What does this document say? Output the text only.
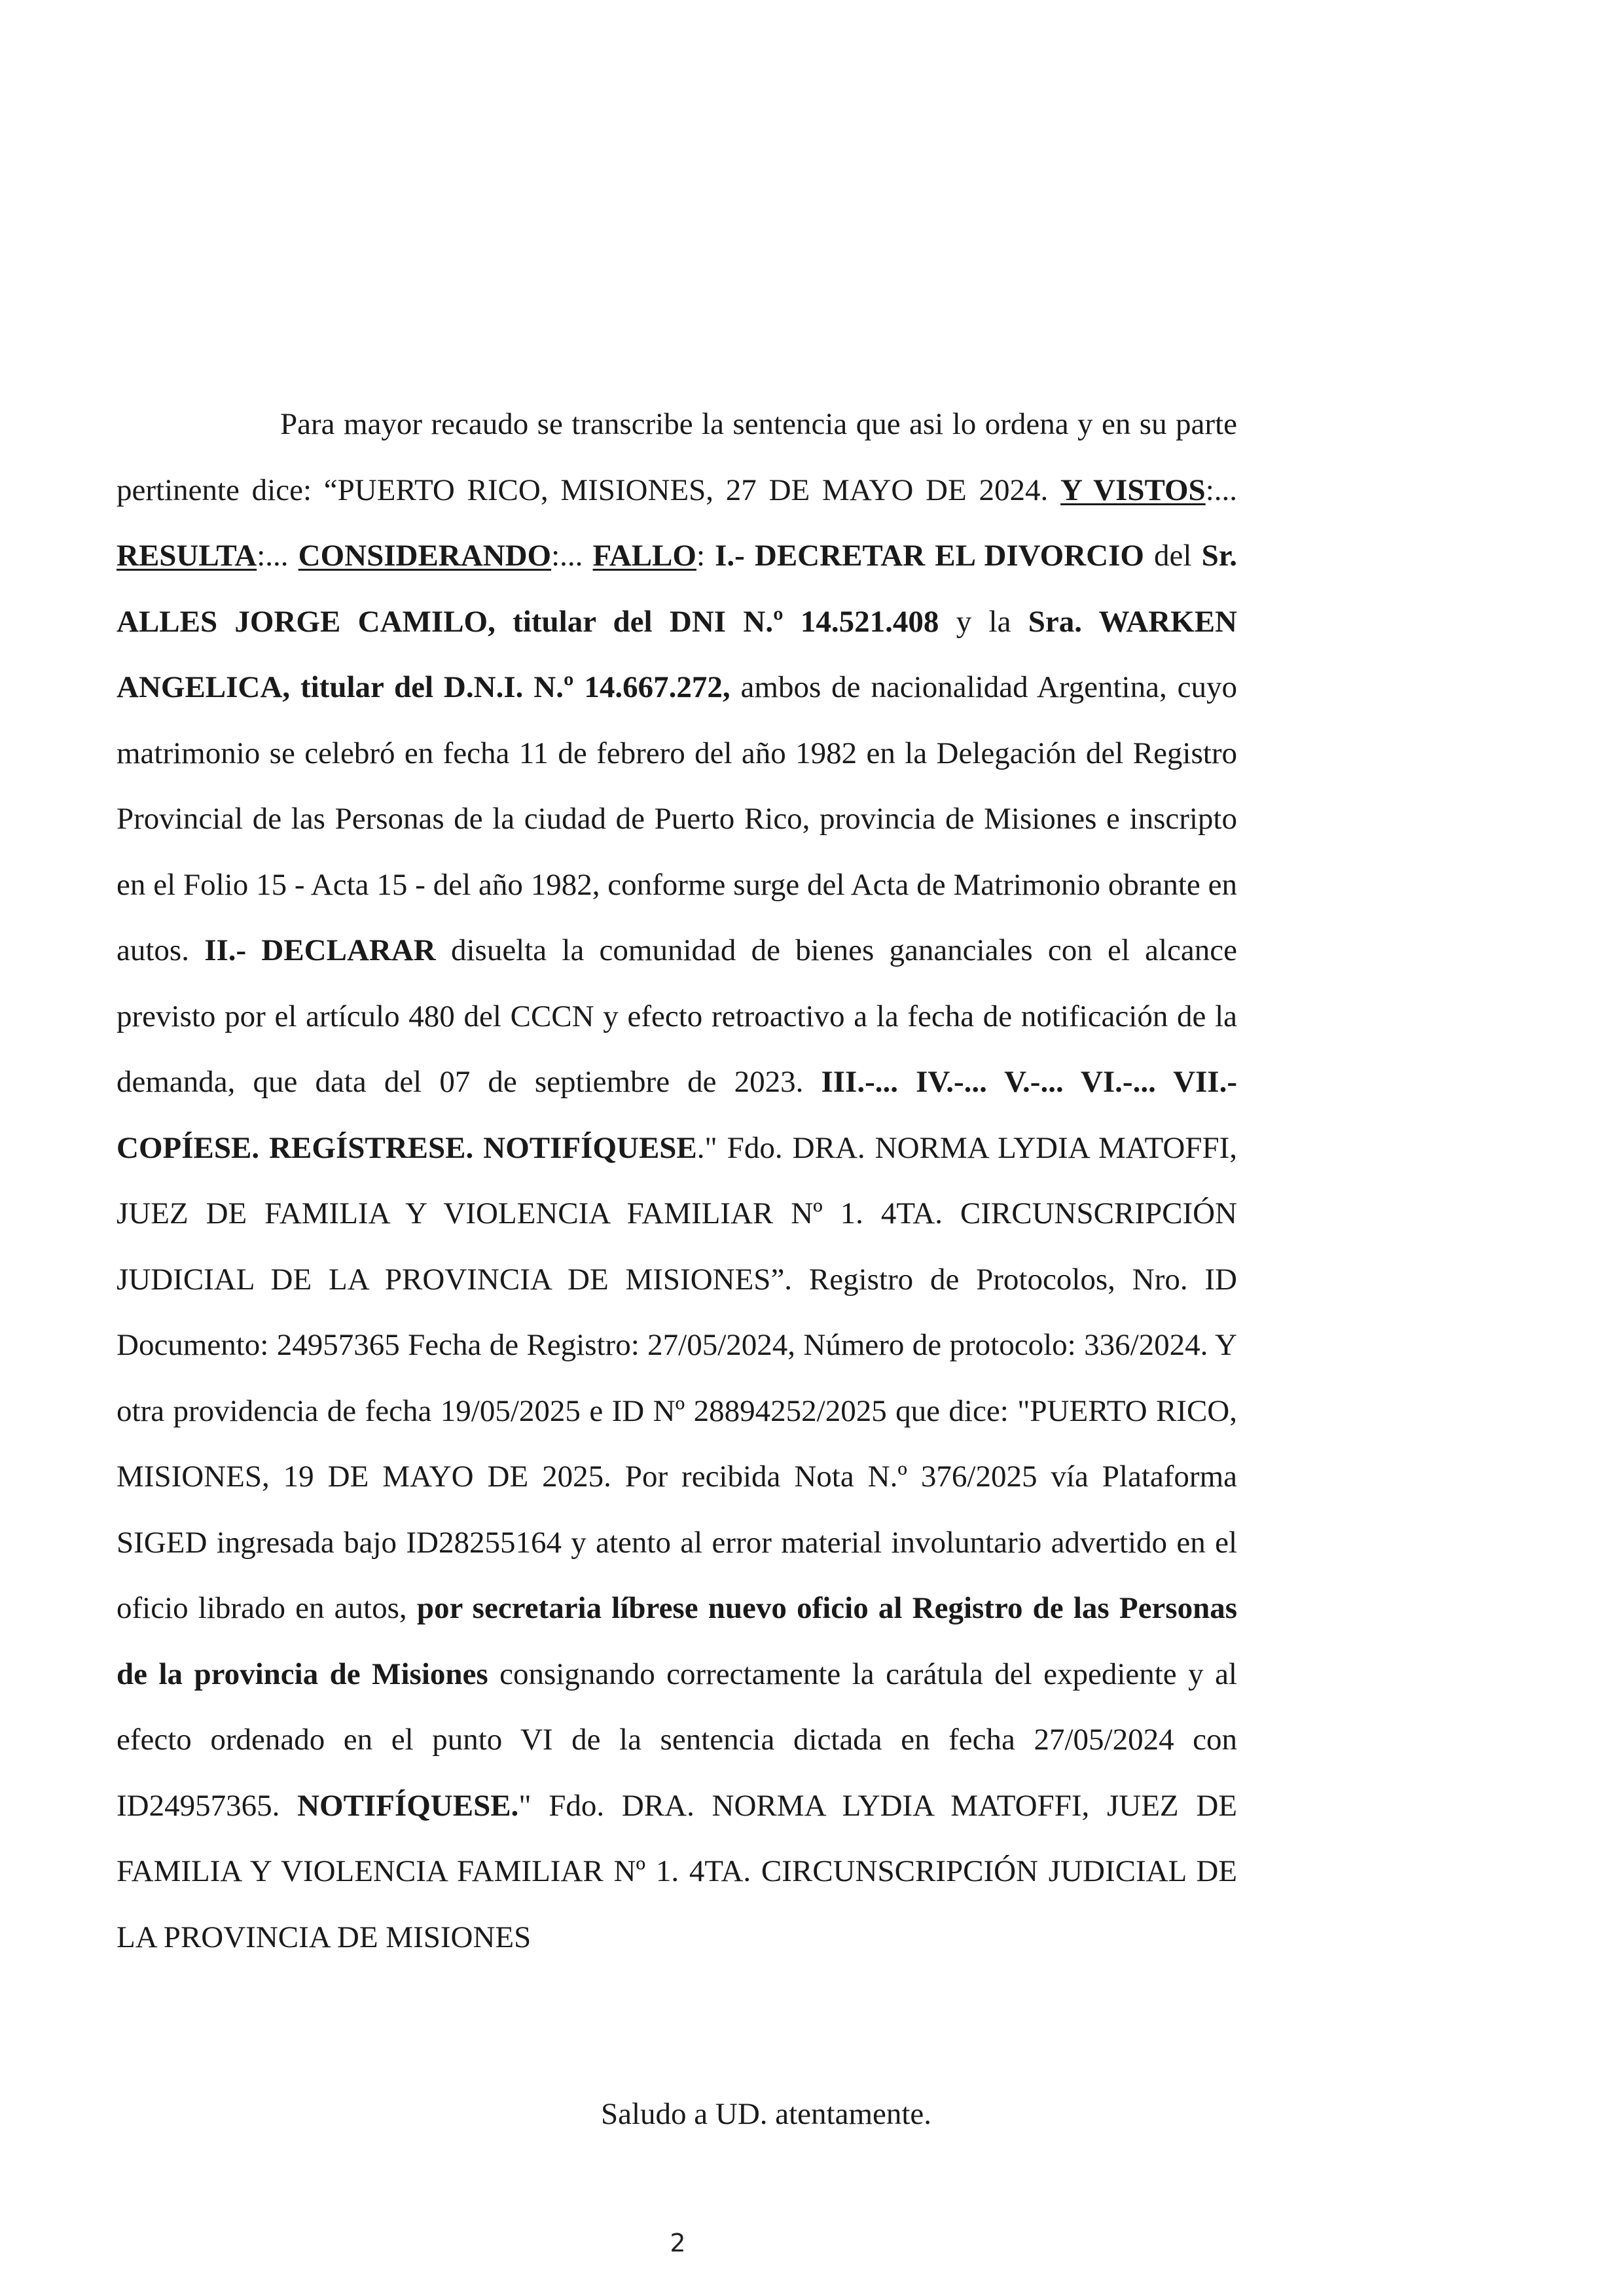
Para mayor recaudo se transcribe la sentencia que asi lo ordena y en su parte pertinente dice: “PUERTO RICO, MISIONES, 27 DE MAYO DE 2024. Y VISTOS:... RESULTA:... CONSIDERANDO:... FALLO: I.- DECRETAR EL DIVORCIO del Sr. ALLES JORGE CAMILO, titular del DNI N.º 14.521.408 y la Sra. WARKEN ANGELICA, titular del D.N.I. N.º 14.667.272, ambos de nacionalidad Argentina, cuyo matrimonio se celebró en fecha 11 de febrero del año 1982 en la Delegación del Registro Provincial de las Personas de la ciudad de Puerto Rico, provincia de Misiones e inscripto en el Folio 15 - Acta 15 - del año 1982, conforme surge del Acta de Matrimonio obrante en autos. II.- DECLARAR disuelta la comunidad de bienes gananciales con el alcance previsto por el artículo 480 del CCCN y efecto retroactivo a la fecha de notificación de la demanda, que data del 07 de septiembre de 2023. III.-... IV.-... V.-... VI.-... VII.- COPÍESE. REGÍSTRESE. NOTIFÍQUESE." Fdo. DRA. NORMA LYDIA MATOFFI, JUEZ DE FAMILIA Y VIOLENCIA FAMILIAR Nº 1. 4TA. CIRCUNSCRIPCIÓN JUDICIAL DE LA PROVINCIA DE MISIONES”. Registro de Protocolos, Nro. ID Documento: 24957365 Fecha de Registro: 27/05/2024, Número de protocolo: 336/2024. Y otra providencia de fecha 19/05/2025 e ID Nº 28894252/2025 que dice: "PUERTO RICO, MISIONES, 19 DE MAYO DE 2025. Por recibida Nota N.º 376/2025 vía Plataforma SIGED ingresada bajo ID28255164 y atento al error material involuntario advertido en el oficio librado en autos, por secretaria líbrese nuevo oficio al Registro de las Personas de la provincia de Misiones consignando correctamente la carátula del expediente y al efecto ordenado en el punto VI de la sentencia dictada en fecha 27/05/2024 con ID24957365. NOTIFÍQUESE." Fdo. DRA. NORMA LYDIA MATOFFI, JUEZ DE FAMILIA Y VIOLENCIA FAMILIAR Nº 1. 4TA. CIRCUNSCRIPCIÓN JUDICIAL DE LA PROVINCIA DE MISIONES

Saludo a UD. atentamente.

2
